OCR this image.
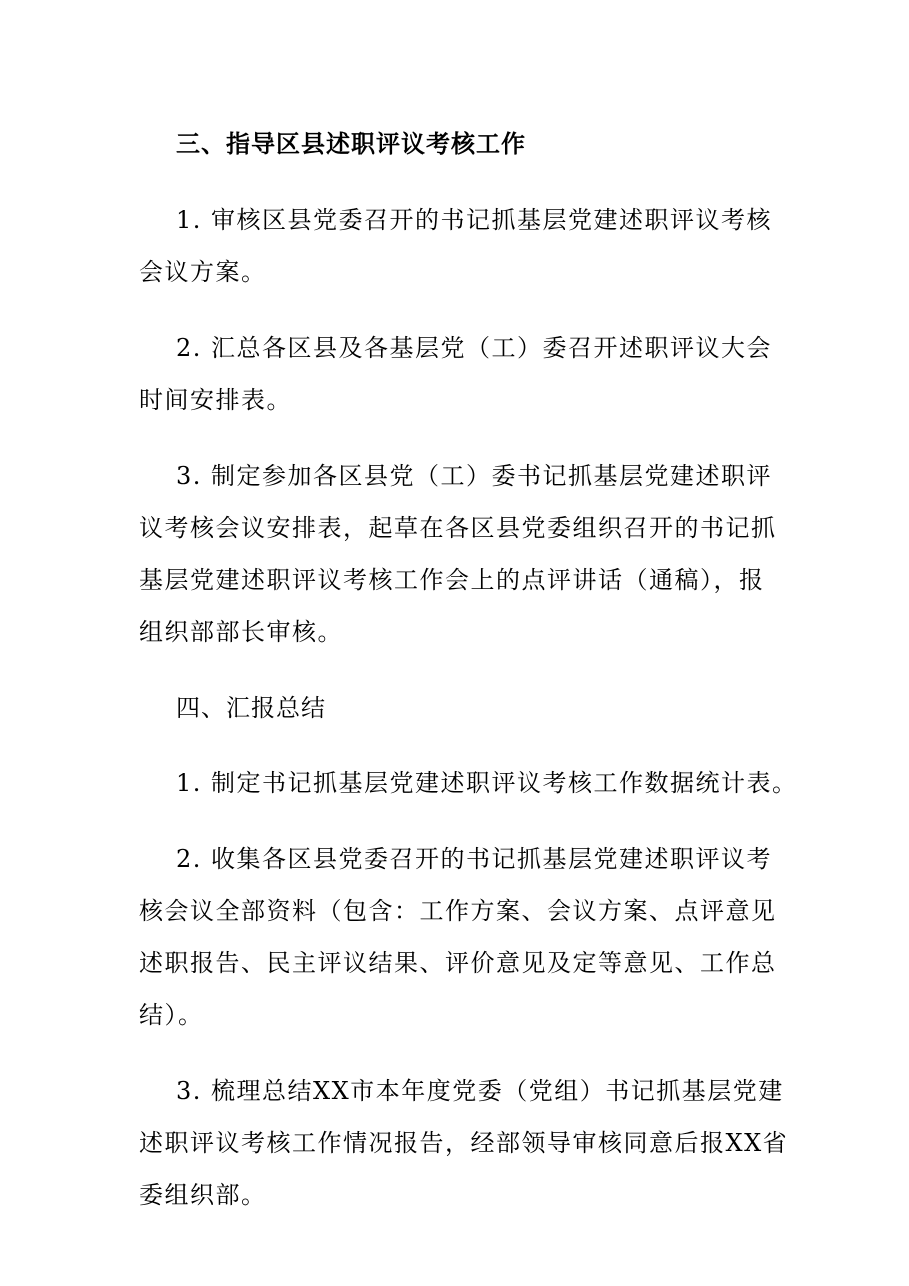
三、指导区县述职评议考核工作
1. 审核区县党委召开的书记抓基层党建述职评议考核
会议方案。
2. 汇总各区县及各基层党（工）委召开述职评议大会
时间安排表。
3. 制定参加各区县党（工）委书记抓基层党建述职评
议考核会议安排表，起草在各区县党委组织召开的书记抓
基层党建述职评议考核工作会上的点评讲话（通稿），报
组织部部长审核。
四、汇报总结
1. 制定书记抓基层党建述职评议考核工作数据统计表。
2. 收集各区县党委召开的书记抓基层党建述职评议考
核会议全部资料（包含：工作方案、会议方案、点评意见
述职报告、民主评议结果、评价意见及定等意见、工作总
结）。
3. 梳理总结XX市本年度党委（党组）书记抓基层党建
述职评议考核工作情况报告，经部领导审核同意后报XX省
委组织部。
